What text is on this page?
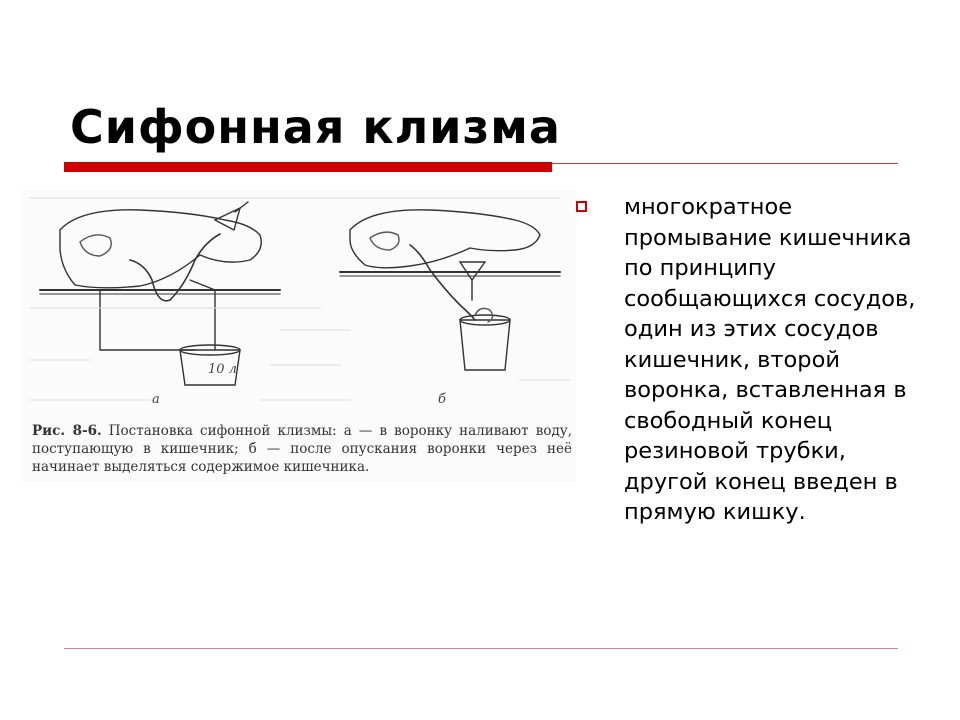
Сифонная клизма
10 л
а	б
Рис. 8-6. Постановка сифонной клизмы: а — в воронку наливают воду, поступающую в кишечник; б — после опускания воронки через неё начинает выделяться содержимое кишечника.
многократное промывание кишечника по принципу сообщающихся сосудов, один из этих сосудов кишечник, второй воронка, вставленная в свободный конец резиновой трубки, другой конец введен в прямую кишку.
